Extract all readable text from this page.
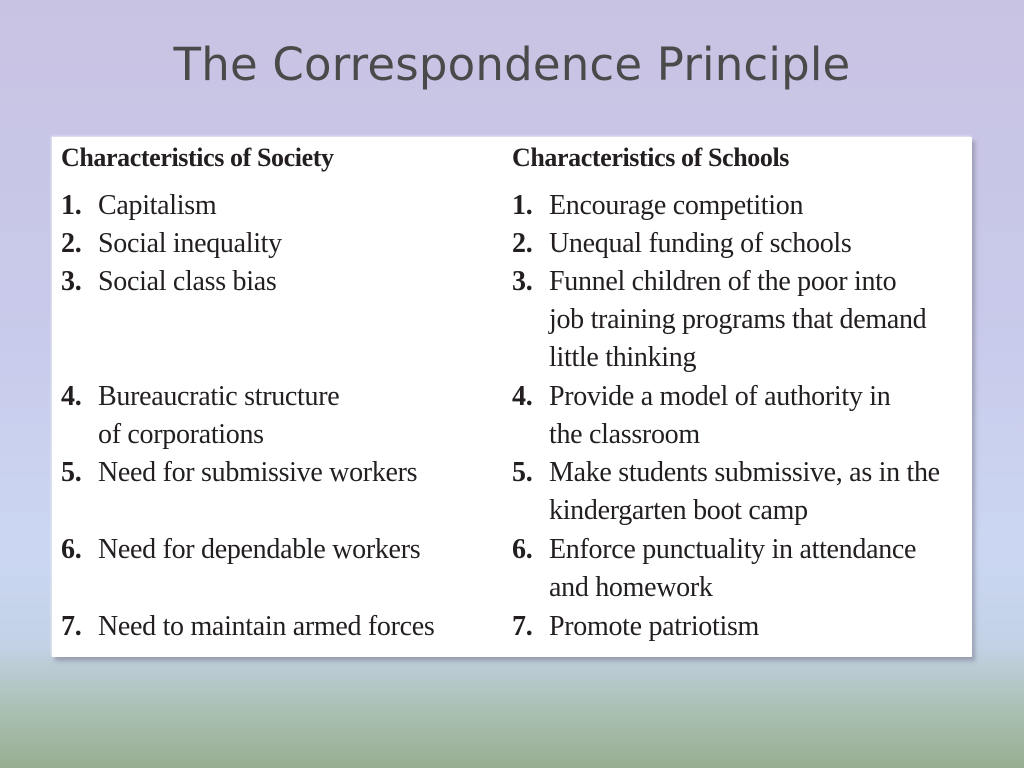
The Correspondence Principle
Characteristics of Society
1. Capitalism
2. Social inequality
3. Social class bias
4. Bureaucratic structure
of corporations
5. Need for submissive workers
6. Need for dependable workers
7. Need to maintain armed forces
Characteristics of Schools
1. Encourage competition
2. Unequal funding of schools
3. Funnel children of the poor into
job training programs that demand
little thinking
4. Provide a model of authority in
the classroom
5. Make students submissive, as in the
kindergarten boot camp
6. Enforce punctuality in attendance
and homework
7. Promote patriotism
